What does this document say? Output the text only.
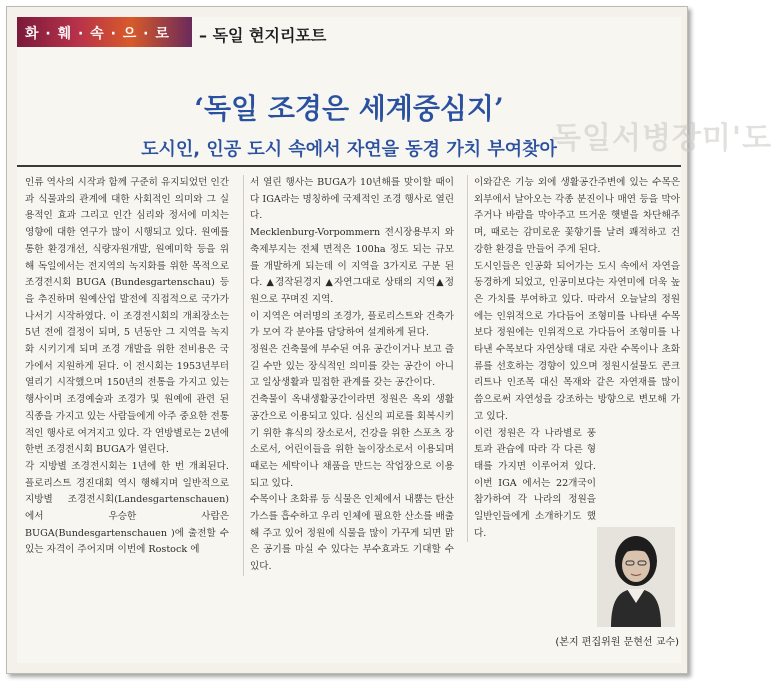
독일서병장미'도
화 · 훼 · 속 · 으 · 로 – 독일 현지리포트
‘독일 조경은 세계중심지’
도시인, 인공 도시 속에서 자연을 동경 가치 부여찾아

인류 역사의 시작과 함께 구준히 유지되었던 인간과 식물과의 관계에 대한 사회적인 의미와 그 실용적인 효과 그리고 인간 심리와 정서에 미치는 영향에 대한 연구가 많이 시행되고 있다. 원예를 통한 환경개선, 식량자원개발, 원예미학 등을 위해 독일에서는 전지역의 녹지화를 위한 목적으로 조경전시회 BUGA (Bundesgartenschau) 등을 추진하며 원예산업 발전에 직접적으로 국가가 나서기 시작하였다. 이 조경전시회의 개최장소는 5년 전에 결정이 되며, 5 년동안 그 지역을 녹지화 시키기게 되며 조경 개발을 위한 전비용은 국가에서 지원하게 된다. 이 전시회는 1953년부터 열리기 시작했으며 150년의 전통을 가지고 있는 행사이며 조경예술과 조경가 및 원예에 관련 된 직종을 가지고 있는 사람들에게 아주 중요한 전통적인 행사로 여겨지고 있다. 각 연방별로는 2년에 한번 조경전시회 BUGA가 열린다.

각 지방별 조경전시회는 1년에 한 번 개최된다. 플로리스트 경진대회 역시 행해지며 일반적으로 지방별 조경전시회(Landesgartenschauen) 에서 우승한 사람은 BUGA(Bundesgartenschauen )에 출전할 수 있는 자격이 주어지며 이번에 Rostock 에

서 열린 행사는 BUGA가 10년해를 맞이할 때이다 IGA라는 명칭하에 국제적인 조경 행사로 열린다.

Mecklenburg-Vorpommern 전시장용부지 와 축제부지는 전체 면적은 100ha 정도 되는 규모를 개발하게 되는데 이 지역을 3가지로 구분 된다. ▲경작된경지 ▲자연그대로 상태의 지역▲정원으로 꾸며진 지역.

이 지역은 여러명의 조경가, 플로리스트와 건축가가 모여 각 분야를 담당하여 설계하게 된다.

정원은 건축물에 부수된 여유 공간이거나 보고 즐길 수만 있는 장식적인 의미를 갖는 공간이 아니고 일상생활과 밀접한 관계를 갖는 공간이다.

건축물이 옥내생활공간이라면 정원은 옥외 생활공간으로 이용되고 있다. 심신의 피로를 회복시키기 위한 휴식의 장소로서, 건강을 위한 스포츠 장소로서, 어린이들을 위한 놀이장소로서 이용되며 때로는 세탁이나 채품을 만드는 작업장으로 이용되고 있다.

수목이나 초화류 등 식물은 인체에서 내뿜는 탄산가스를 흡수하고 우리 인체에 필요한 산소를 배출해 주고 있어 정원에 식물을 많이 가꾸게 되면 맑은 공기를 마실 수 있다는 부수효과도 기대할 수 있다.

이와같은 기능 외에 생활공간주변에 있는 수목은 외부에서 날아오는 각종 분진이나 매연 등을 막아주거나 바람을 막아주고 뜨거운 햇볕을 차단해주며, 때로는 감미로운 꽃향기를 날려 쾌적하고 건강한 환경을 만들어 주게 된다.

도시인들은 인공화 되어가는 도시 속에서 자연을 동경하게 되었고, 인공미보다는 자연미에 더욱 높은 가치를 부여하고 있다. 따라서 오늘날의 정원에는 인위적으로 가다듬어 조형미를 나타낸 수목보다 정원에는 인위적으로 가다듬어 조형미를 나타낸 수목보다 자연상태 대로 자란 수목이나 초화류를 선호하는 경향이 있으며 정원시설물도 콘크리트나 인조목 대신 목재와 같은 자연재를 많이 씀으로써 자연성을 강조하는 방향으로 변모해 가고 있다.

이런 정원은 각 나라별로 풍토과 관습에 따라 각 다른 형태를 가지면 이루어져 있다. 이번 IGA 에서는 22개국이 참가하여 각 나라의 정원을 일반인들에게 소개하기도 했다.

(본지 편집위원 문현선 교수)
